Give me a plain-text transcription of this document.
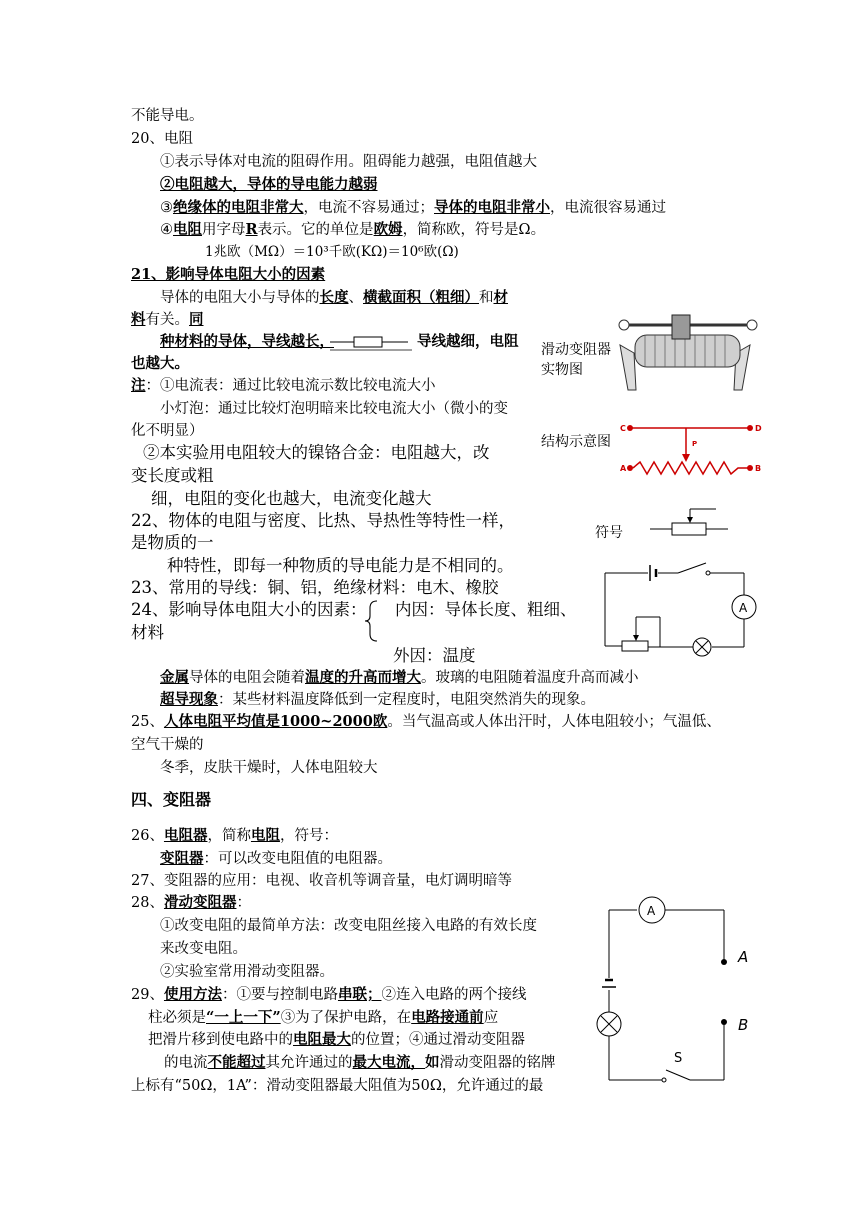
不能导电。
20、电阻
①表示导体对电流的阻碍作用。阻碍能力越强，电阻值越大
②电阻越大，导体的导电能力越弱
③绝缘体的电阻非常大，电流不容易通过；导体的电阻非常小，电流很容易通过
④电阻用字母R表示。它的单位是欧姆，简称欧，符号是Ω。
1兆欧（MΩ）＝10³千欧(KΩ)＝10⁶欧(Ω)
21、影响导体电阻大小的因素
导体的电阻大小与导体的长度、横截面积（粗细）和材
料有关。同
种材料的导体，导线越长，	导线越细，电阻
也越大。
注：①电流表：通过比较电流示数比较电流大小
小灯泡：通过比较灯泡明暗来比较电流大小（微小的变
化不明显）
②本实验用电阻较大的镍铬合金：电阻越大，改
变长度或粗
细，电阻的变化也越大，电流变化越大
22、物体的电阻与密度、比热、导热性等特性一样，
是物质的一
种特性，即每一种物质的导电能力是不相同的。
23、常用的导线：铜、铝，绝缘材料：电木、橡胶
24、影响导体电阻大小的因素： 内因：导体长度、粗细、
材料
外因：温度
金属导体的电阻会随着温度的升高而增大。玻璃的电阻随着温度升高而减小
超导现象：某些材料温度降低到一定程度时，电阻突然消失的现象。
25、人体电阻平均值是1000~2000欧。当气温高或人体出汗时，人体电阻较小；气温低、
空气干燥的
冬季，皮肤干燥时，人体电阻较大
四、变阻器
26、电阻器，简称电阻，符号：
变阻器：可以改变电阻值的电阻器。
27、变阻器的应用：电视、收音机等调音量，电灯调明暗等
28、滑动变阻器：
①改变电阻的最简单方法：改变电阻丝接入电路的有效长度
来改变电阻。
②实验室常用滑动变阻器。
29、使用方法：①要与控制电路串联；②连入电路的两个接线
柱必须是“一上一下”③为了保护电路，在电路接通前应
把滑片移到使电路中的电阻最大的位置；④通过滑动变阻器
的电流不能超过其允许通过的最大电流，如滑动变阻器的铭牌
上标有“50Ω，1A”：滑动变阻器最大阻值为50Ω，允许通过的最
滑动变阻器
实物图
结构示意图
C	D
P
A	B
符号
A
A
A
B
S
